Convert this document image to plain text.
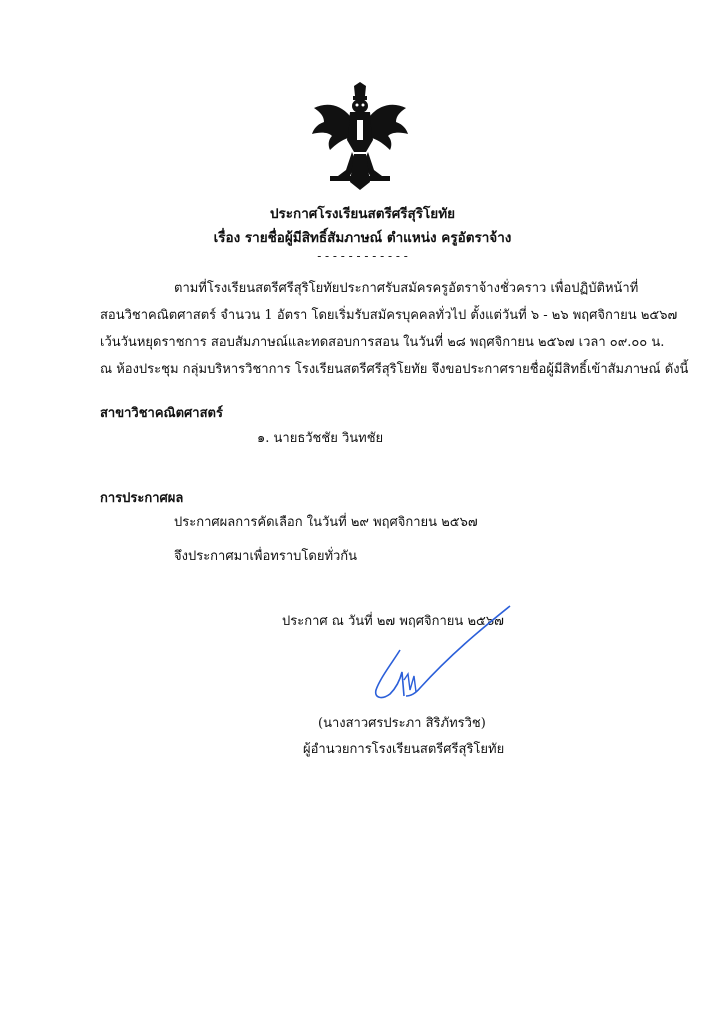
ประกาศโรงเรียนสตรีศรีสุริโยทัย
เรื่อง รายชื่อผู้มีสิทธิ์สัมภาษณ์ ตำแหน่ง ครูอัตราจ้าง
- - - - - - - - - - - -
ตามที่โรงเรียนสตรีศรีสุริโยทัยประกาศรับสมัครครูอัตราจ้างชั่วคราว เพื่อปฏิบัติหน้าที่
สอนวิชาคณิตศาสตร์ จำนวน 1 อัตรา โดยเริ่มรับสมัครบุคคลทั่วไป ตั้งแต่วันที่ ๖ - ๒๖ พฤศจิกายน ๒๕๖๗
เว้นวันหยุดราชการ สอบสัมภาษณ์และทดสอบการสอน ในวันที่ ๒๘ พฤศจิกายน ๒๕๖๗ เวลา ๐๙.๐๐ น.
ณ ห้องประชุม กลุ่มบริหารวิชาการ โรงเรียนสตรีศรีสุริโยทัย จึงขอประกาศรายชื่อผู้มีสิทธิ์เข้าสัมภาษณ์ ดังนี้
สาขาวิชาคณิตศาสตร์
๑. นายธวัชชัย วินทชัย
การประกาศผล
ประกาศผลการคัดเลือก ในวันที่ ๒๙ พฤศจิกายน ๒๕๖๗
จึงประกาศมาเพื่อทราบโดยทั่วกัน
ประกาศ ณ วันที่ ๒๗ พฤศจิกายน ๒๕๖๗
(นางสาวศรประภา สิริภัทรวิช)
ผู้อำนวยการโรงเรียนสตรีศรีสุริโยทัย
